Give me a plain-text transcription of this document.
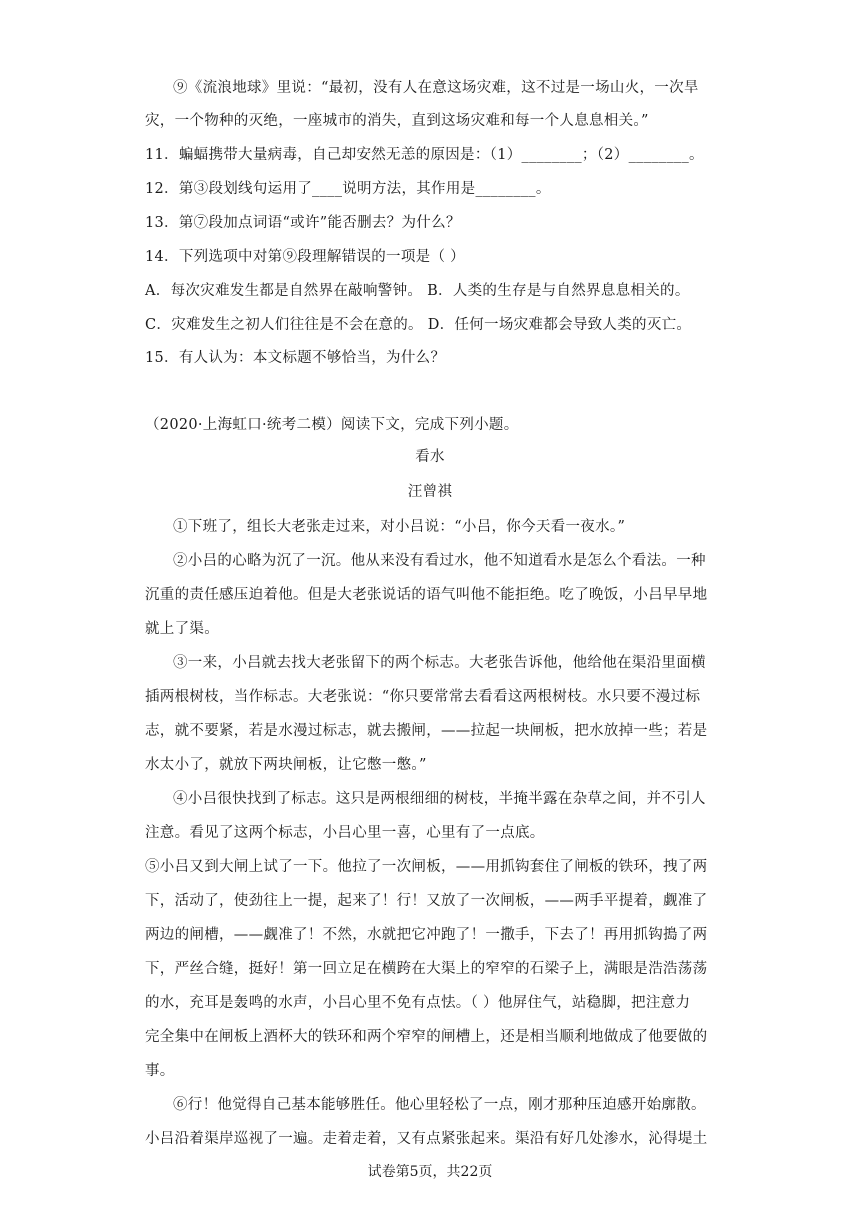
⑨《流浪地球》里说：“最初，没有人在意这场灾难，这不过是一场山火，一次旱
灾，一个物种的灭绝，一座城市的消失，直到这场灾难和每一个人息息相关。”
11．蝙蝠携带大量病毒，自己却安然无恙的原因是：（1）________；（2）________。
12．第③段划线句运用了____说明方法，其作用是________。
13．第⑦段加点词语“或许”能否删去？为什么？
14．下列选项中对第⑨段理解错误的一项是（ ）
A．每次灾难发生都是自然界在敲响警钟。 B．人类的生存是与自然界息息相关的。
C．灾难发生之初人们往往是不会在意的。 D．任何一场灾难都会导致人类的灭亡。
15．有人认为：本文标题不够恰当，为什么？
（2020·上海虹口·统考二模）阅读下文，完成下列小题。
看水
汪曾祺
①下班了，组长大老张走过来，对小吕说：“小吕，你今天看一夜水。”
②小吕的心略为沉了一沉。他从来没有看过水，他不知道看水是怎么个看法。一种
沉重的责任感压迫着他。但是大老张说话的语气叫他不能拒绝。吃了晚饭，小吕早早地
就上了渠。
③一来，小吕就去找大老张留下的两个标志。大老张告诉他，他给他在渠沿里面横
插两根树枝，当作标志。大老张说：“你只要常常去看看这两根树枝。水只要不漫过标
志，就不要紧，若是水漫过标志，就去搬闸，——拉起一块闸板，把水放掉一些；若是
水太小了，就放下两块闸板，让它憋一憋。”
④小吕很快找到了标志。这只是两根细细的树枝，半掩半露在杂草之间，并不引人
注意。看见了这两个标志，小吕心里一喜，心里有了一点底。
⑤小吕又到大闸上试了一下。他拉了一次闸板，——用抓钩套住了闸板的铁环，拽了两
下，活动了，使劲往上一提，起来了！行！又放了一次闸板，——两手平提着，觑准了
两边的闸槽，——觑准了！不然，水就把它冲跑了！一撒手，下去了！再用抓钩搗了两
下，严丝合缝，挺好！第一回立足在横跨在大渠上的窄窄的石梁子上，满眼是浩浩荡荡
的水，充耳是轰鸣的水声，小吕心里不免有点怯。（ ）他屏住气，站稳脚，把注意力
完全集中在闸板上酒杯大的铁环和两个窄窄的闸槽上，还是相当顺利地做成了他要做的
事。
⑥行！他觉得自己基本能够胜任。他心里轻松了一点，刚才那种压迫感开始廓散。
小吕沿着渠岸巡视了一遍。走着走着，又有点紧张起来。渠沿有好几处渗水，沁得堤土
试卷第5页，共22页
